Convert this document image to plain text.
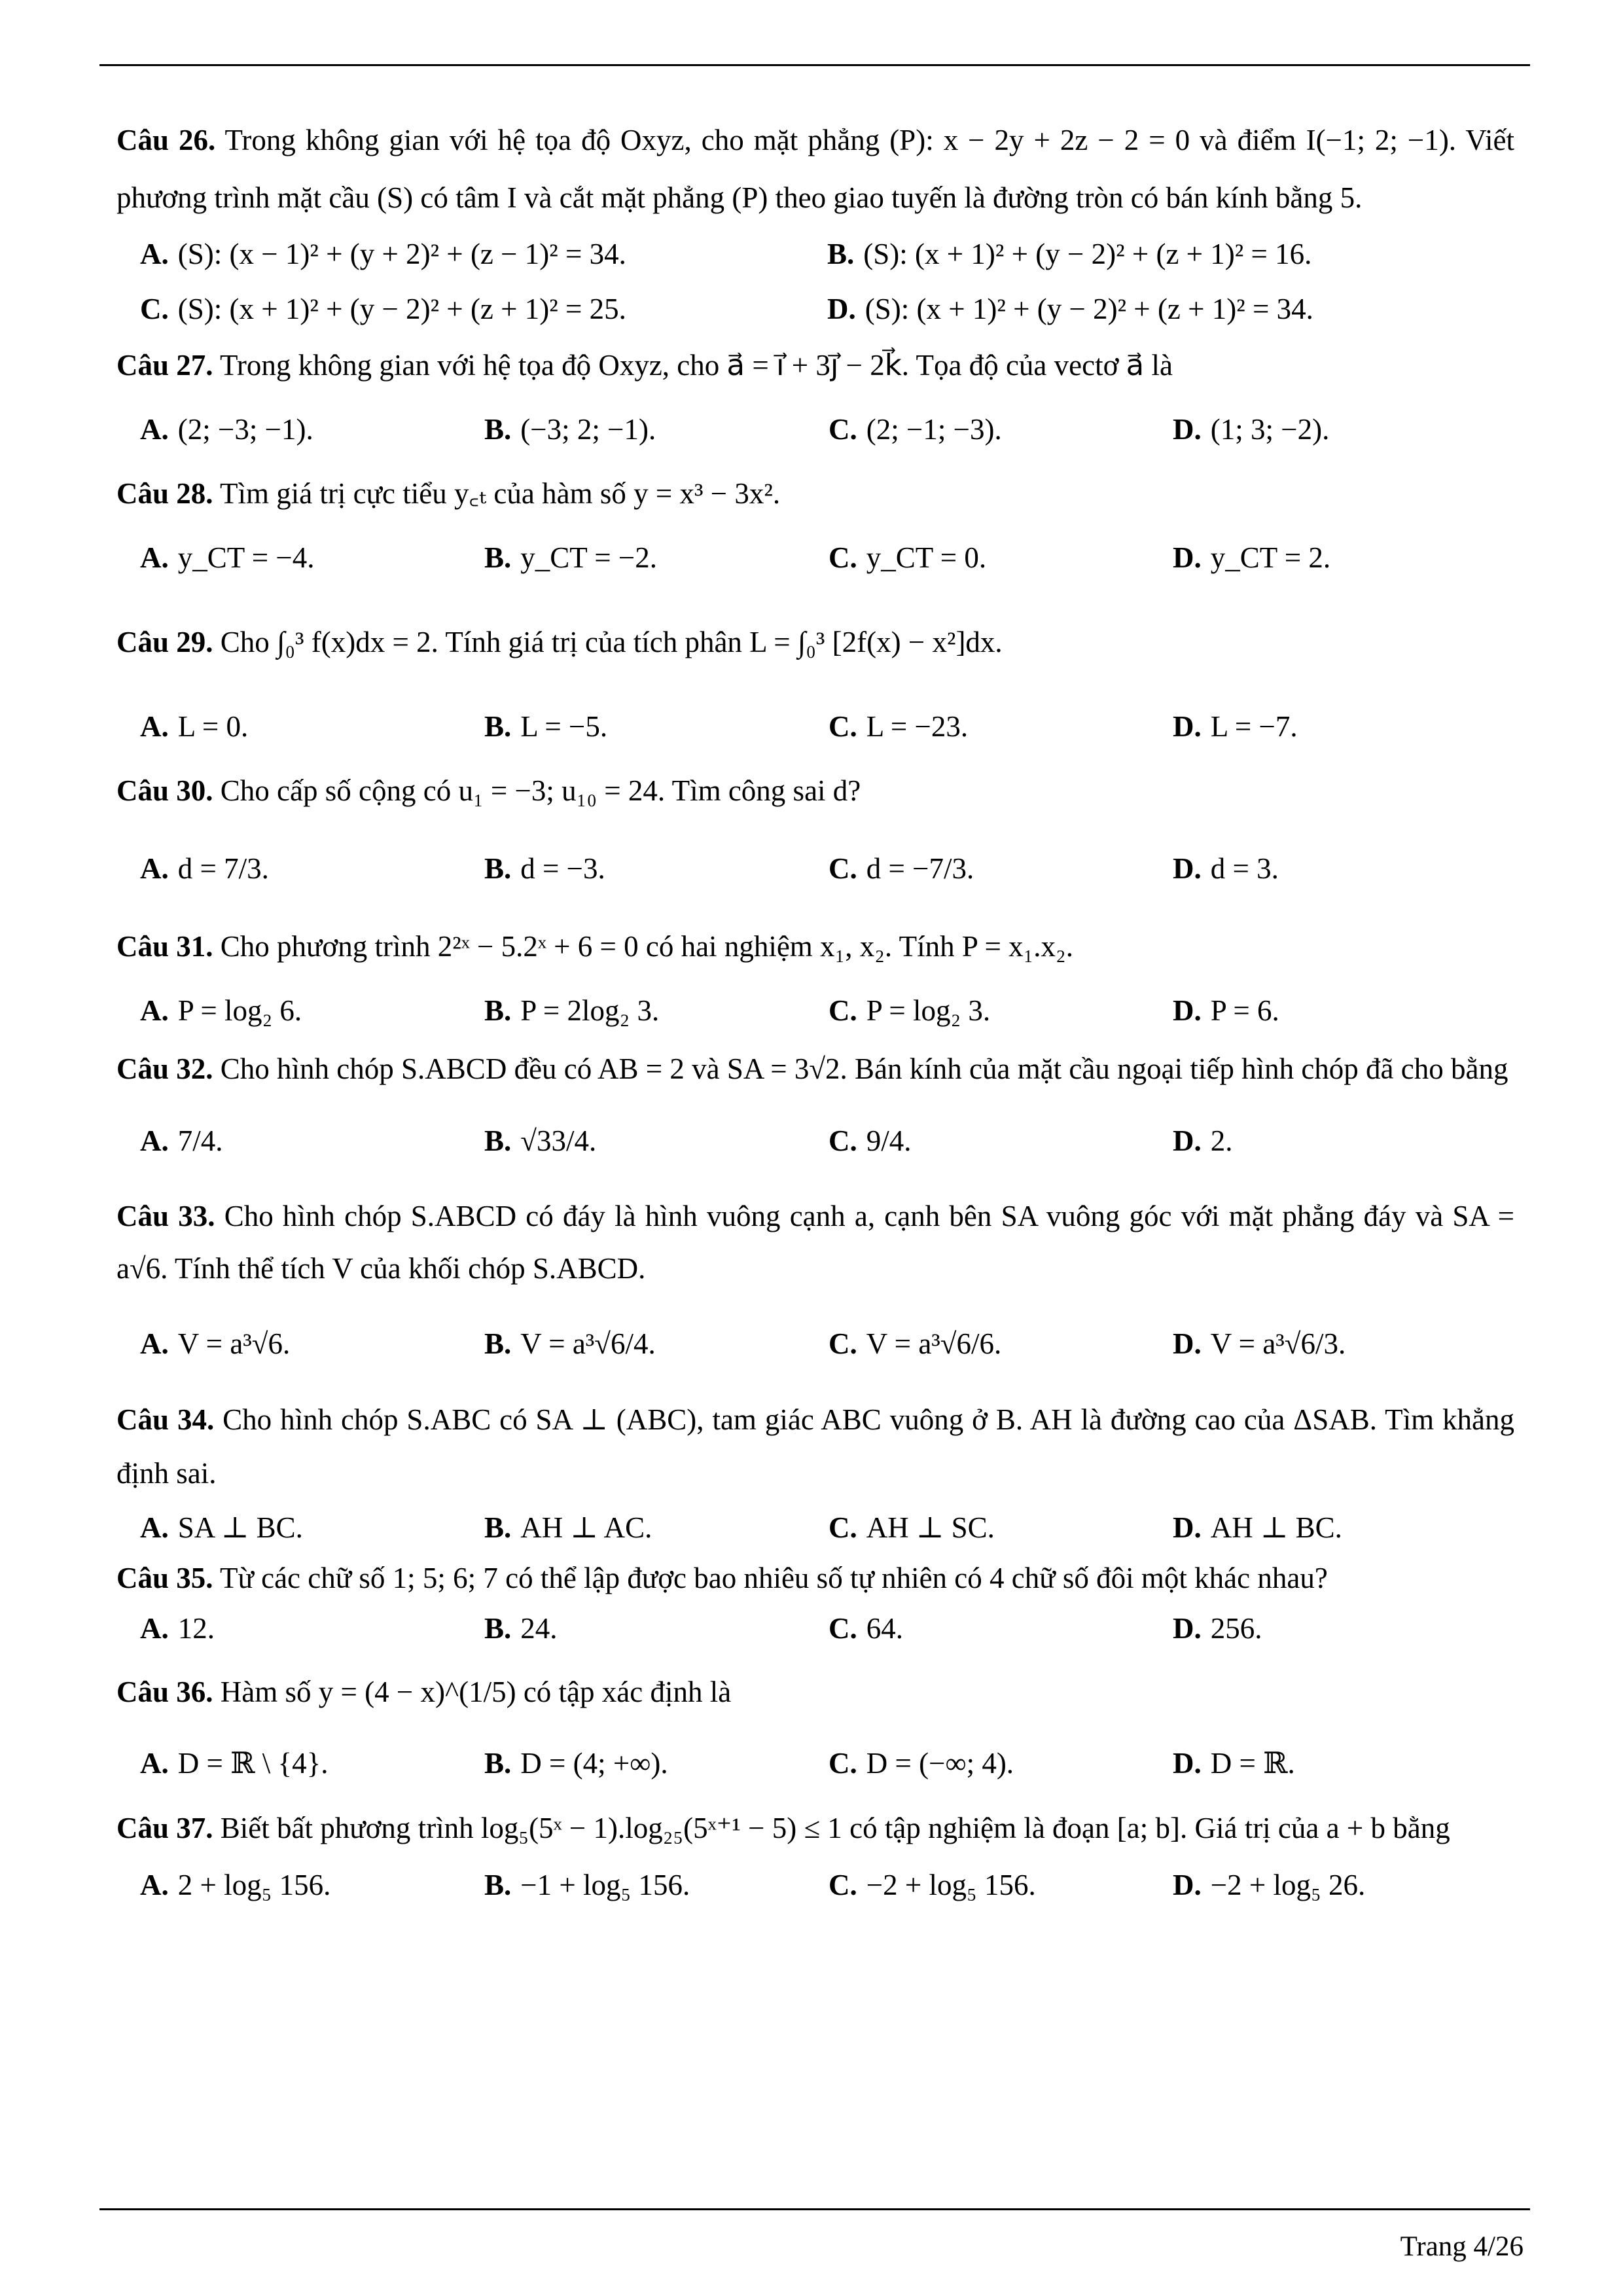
Câu 26. Trong không gian với hệ tọa độ Oxyz, cho mặt phẳng (P): x − 2y + 2z − 2 = 0 và điểm I(−1; 2; −1). Viết phương trình mặt cầu (S) có tâm I và cắt mặt phẳng (P) theo giao tuyến là đường tròn có bán kính bằng 5.
A. (S): (x − 1)² + (y + 2)² + (z − 1)² = 34.	B. (S): (x + 1)² + (y − 2)² + (z + 1)² = 16.
C. (S): (x + 1)² + (y − 2)² + (z + 1)² = 25.	D. (S): (x + 1)² + (y − 2)² + (z + 1)² = 34.
Câu 27. Trong không gian với hệ tọa độ Oxyz, cho a⃗ = i⃗ + 3j⃗ − 2k⃗. Tọa độ của vectơ a⃗ là
A. (2; −3; −1).	B. (−3; 2; −1).	C. (2; −1; −3).	D. (1; 3; −2).
Câu 28. Tìm giá trị cực tiểu y꜀ₜ của hàm số y = x³ − 3x².
A. y_CT = −4.	B. y_CT = −2.	C. y_CT = 0.	D. y_CT = 2.
Câu 29. Cho ∫₀³ f(x)dx = 2. Tính giá trị của tích phân L = ∫₀³ [2f(x) − x²]dx.
A. L = 0.	B. L = −5.	C. L = −23.	D. L = −7.
Câu 30. Cho cấp số cộng có u₁ = −3; u₁₀ = 24. Tìm công sai d?
A. d = 7/3.	B. d = −3.	C. d = −7/3.	D. d = 3.
Câu 31. Cho phương trình 2²ˣ − 5.2ˣ + 6 = 0 có hai nghiệm x₁, x₂. Tính P = x₁.x₂.
A. P = log₂ 6.	B. P = 2log₂ 3.	C. P = log₂ 3.	D. P = 6.
Câu 32. Cho hình chóp S.ABCD đều có AB = 2 và SA = 3√2. Bán kính của mặt cầu ngoại tiếp hình chóp đã cho bằng
A. 7/4.	B. √33/4.	C. 9/4.	D. 2.
Câu 33. Cho hình chóp S.ABCD có đáy là hình vuông cạnh a, cạnh bên SA vuông góc với mặt phẳng đáy và SA = a√6. Tính thể tích V của khối chóp S.ABCD.
A. V = a³√6.	B. V = a³√6/4.	C. V = a³√6/6.	D. V = a³√6/3.
Câu 34. Cho hình chóp S.ABC có SA ⊥ (ABC), tam giác ABC vuông ở B. AH là đường cao của ΔSAB. Tìm khẳng định sai.
A. SA ⊥ BC.	B. AH ⊥ AC.	C. AH ⊥ SC.	D. AH ⊥ BC.
Câu 35. Từ các chữ số 1; 5; 6; 7 có thể lập được bao nhiêu số tự nhiên có 4 chữ số đôi một khác nhau?
A. 12.	B. 24.	C. 64.	D. 256.
Câu 36. Hàm số y = (4 − x)^(1/5) có tập xác định là
A. D = ℝ \ {4}.	B. D = (4; +∞).	C. D = (−∞; 4).	D. D = ℝ.
Câu 37. Biết bất phương trình log₅(5ˣ − 1).log₂₅(5ˣ⁺¹ − 5) ≤ 1 có tập nghiệm là đoạn [a; b]. Giá trị của a + b bằng
A. 2 + log₅ 156.	B. −1 + log₅ 156.	C. −2 + log₅ 156.	D. −2 + log₅ 26.
Trang 4/26
